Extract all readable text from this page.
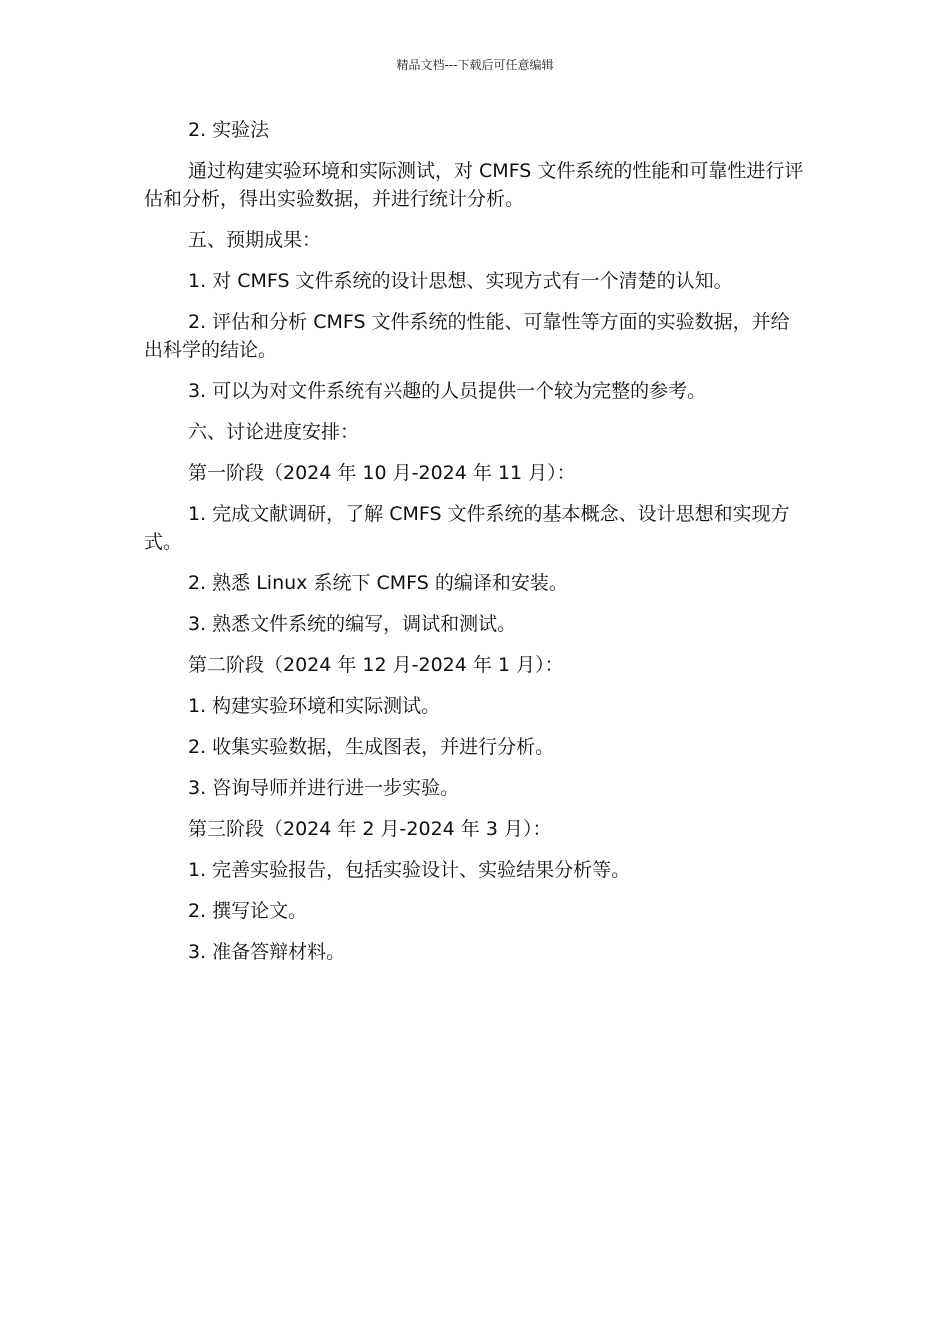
精品文档---下载后可任意编辑

2. 实验法

通过构建实验环境和实际测试，对 CMFS 文件系统的性能和可靠性进行评估和分析，得出实验数据，并进行统计分析。

五、预期成果：

1. 对 CMFS 文件系统的设计思想、实现方式有一个清楚的认知。

2. 评估和分析 CMFS 文件系统的性能、可靠性等方面的实验数据，并给出科学的结论。

3. 可以为对文件系统有兴趣的人员提供一个较为完整的参考。

六、讨论进度安排：

第一阶段（2024 年 10 月-2024 年 11 月）：

1. 完成文献调研，了解 CMFS 文件系统的基本概念、设计思想和实现方式。

2. 熟悉 Linux 系统下 CMFS 的编译和安装。

3. 熟悉文件系统的编写，调试和测试。

第二阶段（2024 年 12 月-2024 年 1 月）：

1. 构建实验环境和实际测试。

2. 收集实验数据，生成图表，并进行分析。

3. 咨询导师并进行进一步实验。

第三阶段（2024 年 2 月-2024 年 3 月）：

1. 完善实验报告，包括实验设计、实验结果分析等。

2. 撰写论文。

3. 准备答辩材料。
